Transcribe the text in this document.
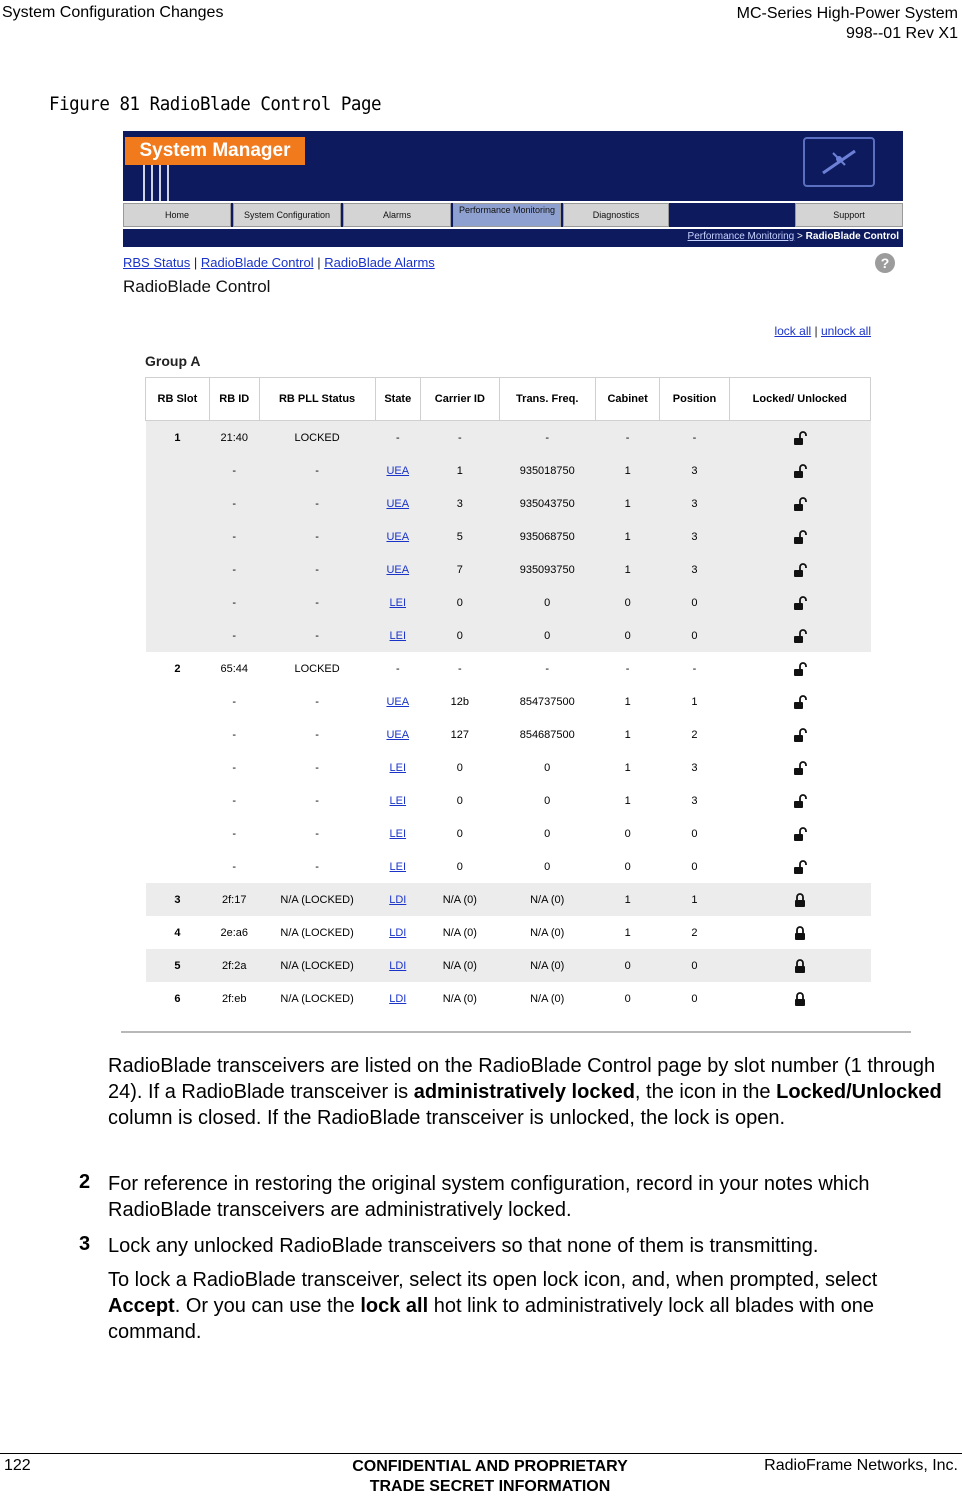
System Configuration Changes	MC-Series High-Power System
998--01 Rev X1
Figure 81 RadioBlade Control Page
System Manager
Home	System Configuration	Alarms	Performance Monitoring	Diagnostics	Support
Performance Monitoring > RadioBlade Control
RBS Status | RadioBlade Control | RadioBlade Alarms	?
RadioBlade Control
lock all | unlock all
Group A
RB Slot	RB ID	RB PLL Status	State	Carrier ID	Trans. Freq.	Cabinet	Position	Locked/ Unlocked
1	21:40	LOCKED	-	-	-	-	-	
	-	-	UEA	1	935018750	1	3	
	-	-	UEA	3	935043750	1	3	
	-	-	UEA	5	935068750	1	3	
	-	-	UEA	7	935093750	1	3	
	-	-	LEI	0	0	0	0	
	-	-	LEI	0	0	0	0	
2	65:44	LOCKED	-	-	-	-	-	
	-	-	UEA	12b	854737500	1	1	
	-	-	UEA	127	854687500	1	2	
	-	-	LEI	0	0	1	3	
	-	-	LEI	0	0	1	3	
	-	-	LEI	0	0	0	0	
	-	-	LEI	0	0	0	0	
3	2f:17	N/A (LOCKED)	LDI	N/A (0)	N/A (0)	1	1	
4	2e:a6	N/A (LOCKED)	LDI	N/A (0)	N/A (0)	1	2	
5	2f:2a	N/A (LOCKED)	LDI	N/A (0)	N/A (0)	0	0	
6	2f:eb	N/A (LOCKED)	LDI	N/A (0)	N/A (0)	0	0	
RadioBlade transceivers are listed on the RadioBlade Control page by slot number (1 through 24). If a RadioBlade transceiver is administratively locked, the icon in the Locked/Unlocked column is closed. If the RadioBlade transceiver is unlocked, the lock is open.
2 For reference in restoring the original system configuration, record in your notes which RadioBlade transceivers are administratively locked.
3 Lock any unlocked RadioBlade transceivers so that none of them is transmitting.
To lock a RadioBlade transceiver, select its open lock icon, and, when prompted, select Accept. Or you can use the lock all hot link to administratively lock all blades with one command.
122	CONFIDENTIAL AND PROPRIETARY
TRADE SECRET INFORMATION
RadioFrame Networks, Inc.
